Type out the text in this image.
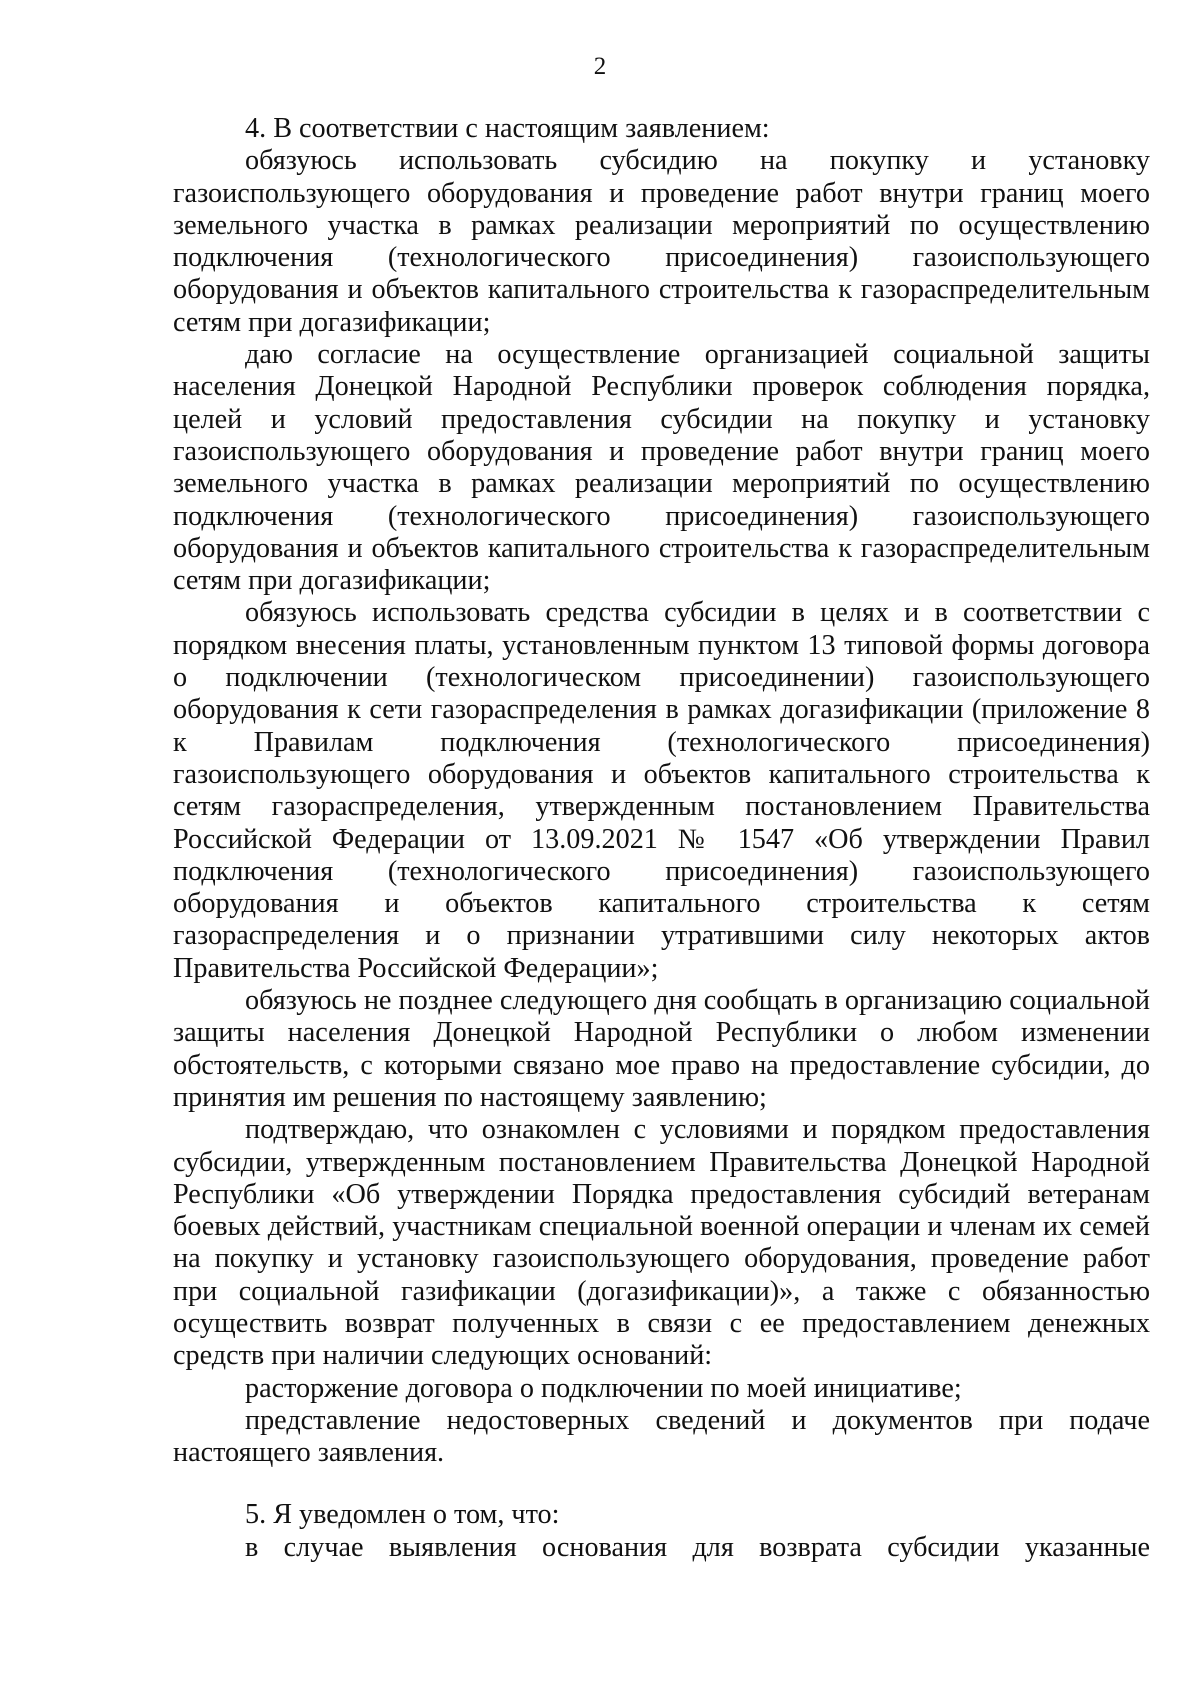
2

4. В соответствии с настоящим заявлением:

обязуюсь использовать субсидию на покупку и установку газоиспользующего оборудования и проведение работ внутри границ моего земельного участка в рамках реализации мероприятий по осуществлению подключения (технологического присоединения) газоиспользующего оборудования и объектов капитального строительства к газораспределительным сетям при догазификации;

даю согласие на осуществление организацией социальной защиты населения Донецкой Народной Республики проверок соблюдения порядка, целей и условий предоставления субсидии на покупку и установку газоиспользующего оборудования и проведение работ внутри границ моего земельного участка в рамках реализации мероприятий по осуществлению подключения (технологического присоединения) газоиспользующего оборудования и объектов капитального строительства к газораспределительным сетям при догазификации;

обязуюсь использовать средства субсидии в целях и в соответствии с порядком внесения платы, установленным пунктом 13 типовой формы договора о подключении (технологическом присоединении) газоиспользующего оборудования к сети газораспределения в рамках догазификации (приложение 8 к Правилам подключения (технологического присоединения) газоиспользующего оборудования и объектов капитального строительства к сетям газораспределения, утвержденным постановлением Правительства Российской Федерации от 13.09.2021 № 1547 «Об утверждении Правил подключения (технологического присоединения) газоиспользующего оборудования и объектов капитального строительства к сетям газораспределения и о признании утратившими силу некоторых актов Правительства Российской Федерации»;

обязуюсь не позднее следующего дня сообщать в организацию социальной защиты населения Донецкой Народной Республики о любом изменении обстоятельств, с которыми связано мое право на предоставление субсидии, до принятия им решения по настоящему заявлению;

подтверждаю, что ознакомлен с условиями и порядком предоставления субсидии, утвержденным постановлением Правительства Донецкой Народной Республики «Об утверждении Порядка предоставления субсидий ветеранам боевых действий, участникам специальной военной операции и членам их семей на покупку и установку газоиспользующего оборудования, проведение работ при социальной газификации (догазификации)», а также с обязанностью осуществить возврат полученных в связи с ее предоставлением денежных средств при наличии следующих оснований:

расторжение договора о подключении по моей инициативе;

представление недостоверных сведений и документов при подаче настоящего заявления.

5. Я уведомлен о том, что:

в случае выявления основания для возврата субсидии указанные
